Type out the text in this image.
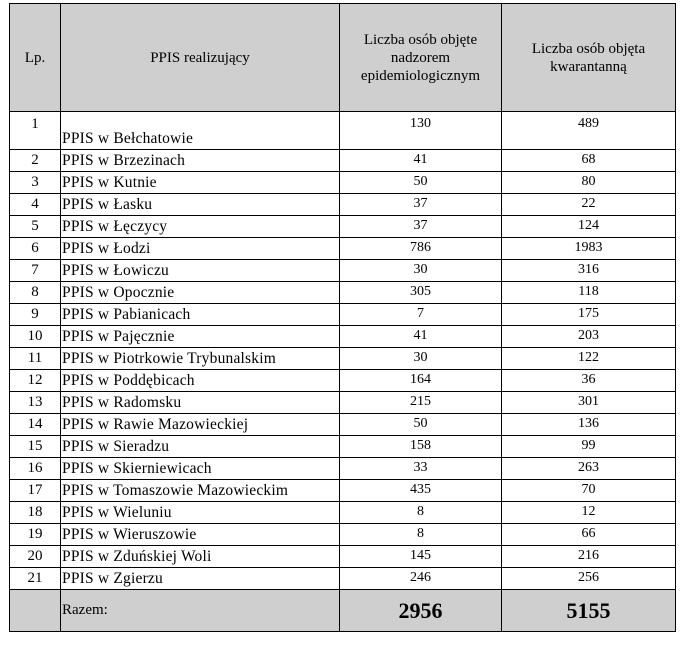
Lp.	PPIS realizujący	Liczba osób objęte nadzorem epidemiologicznym	Liczba osób objęta kwarantanną
1	PPIS w Bełchatowie	130	489
2	PPIS w Brzezinach	41	68
3	PPIS w Kutnie	50	80
4	PPIS w Łasku	37	22
5	PPIS w Łęczycy	37	124
6	PPIS w Łodzi	786	1983
7	PPIS w Łowiczu	30	316
8	PPIS w Opocznie	305	118
9	PPIS w Pabianicach	7	175
10	PPIS w Pajęcznie	41	203
11	PPIS w Piotrkowie Trybunalskim	30	122
12	PPIS w Poddębicach	164	36
13	PPIS w Radomsku	215	301
14	PPIS w Rawie Mazowieckiej	50	136
15	PPIS w Sieradzu	158	99
16	PPIS w Skierniewicach	33	263
17	PPIS w Tomaszowie Mazowieckim	435	70
18	PPIS w Wieluniu	8	12
19	PPIS w Wieruszowie	8	66
20	PPIS w Zduńskiej Woli	145	216
21	PPIS w Zgierzu	246	256
	Razem:	2956	5155
